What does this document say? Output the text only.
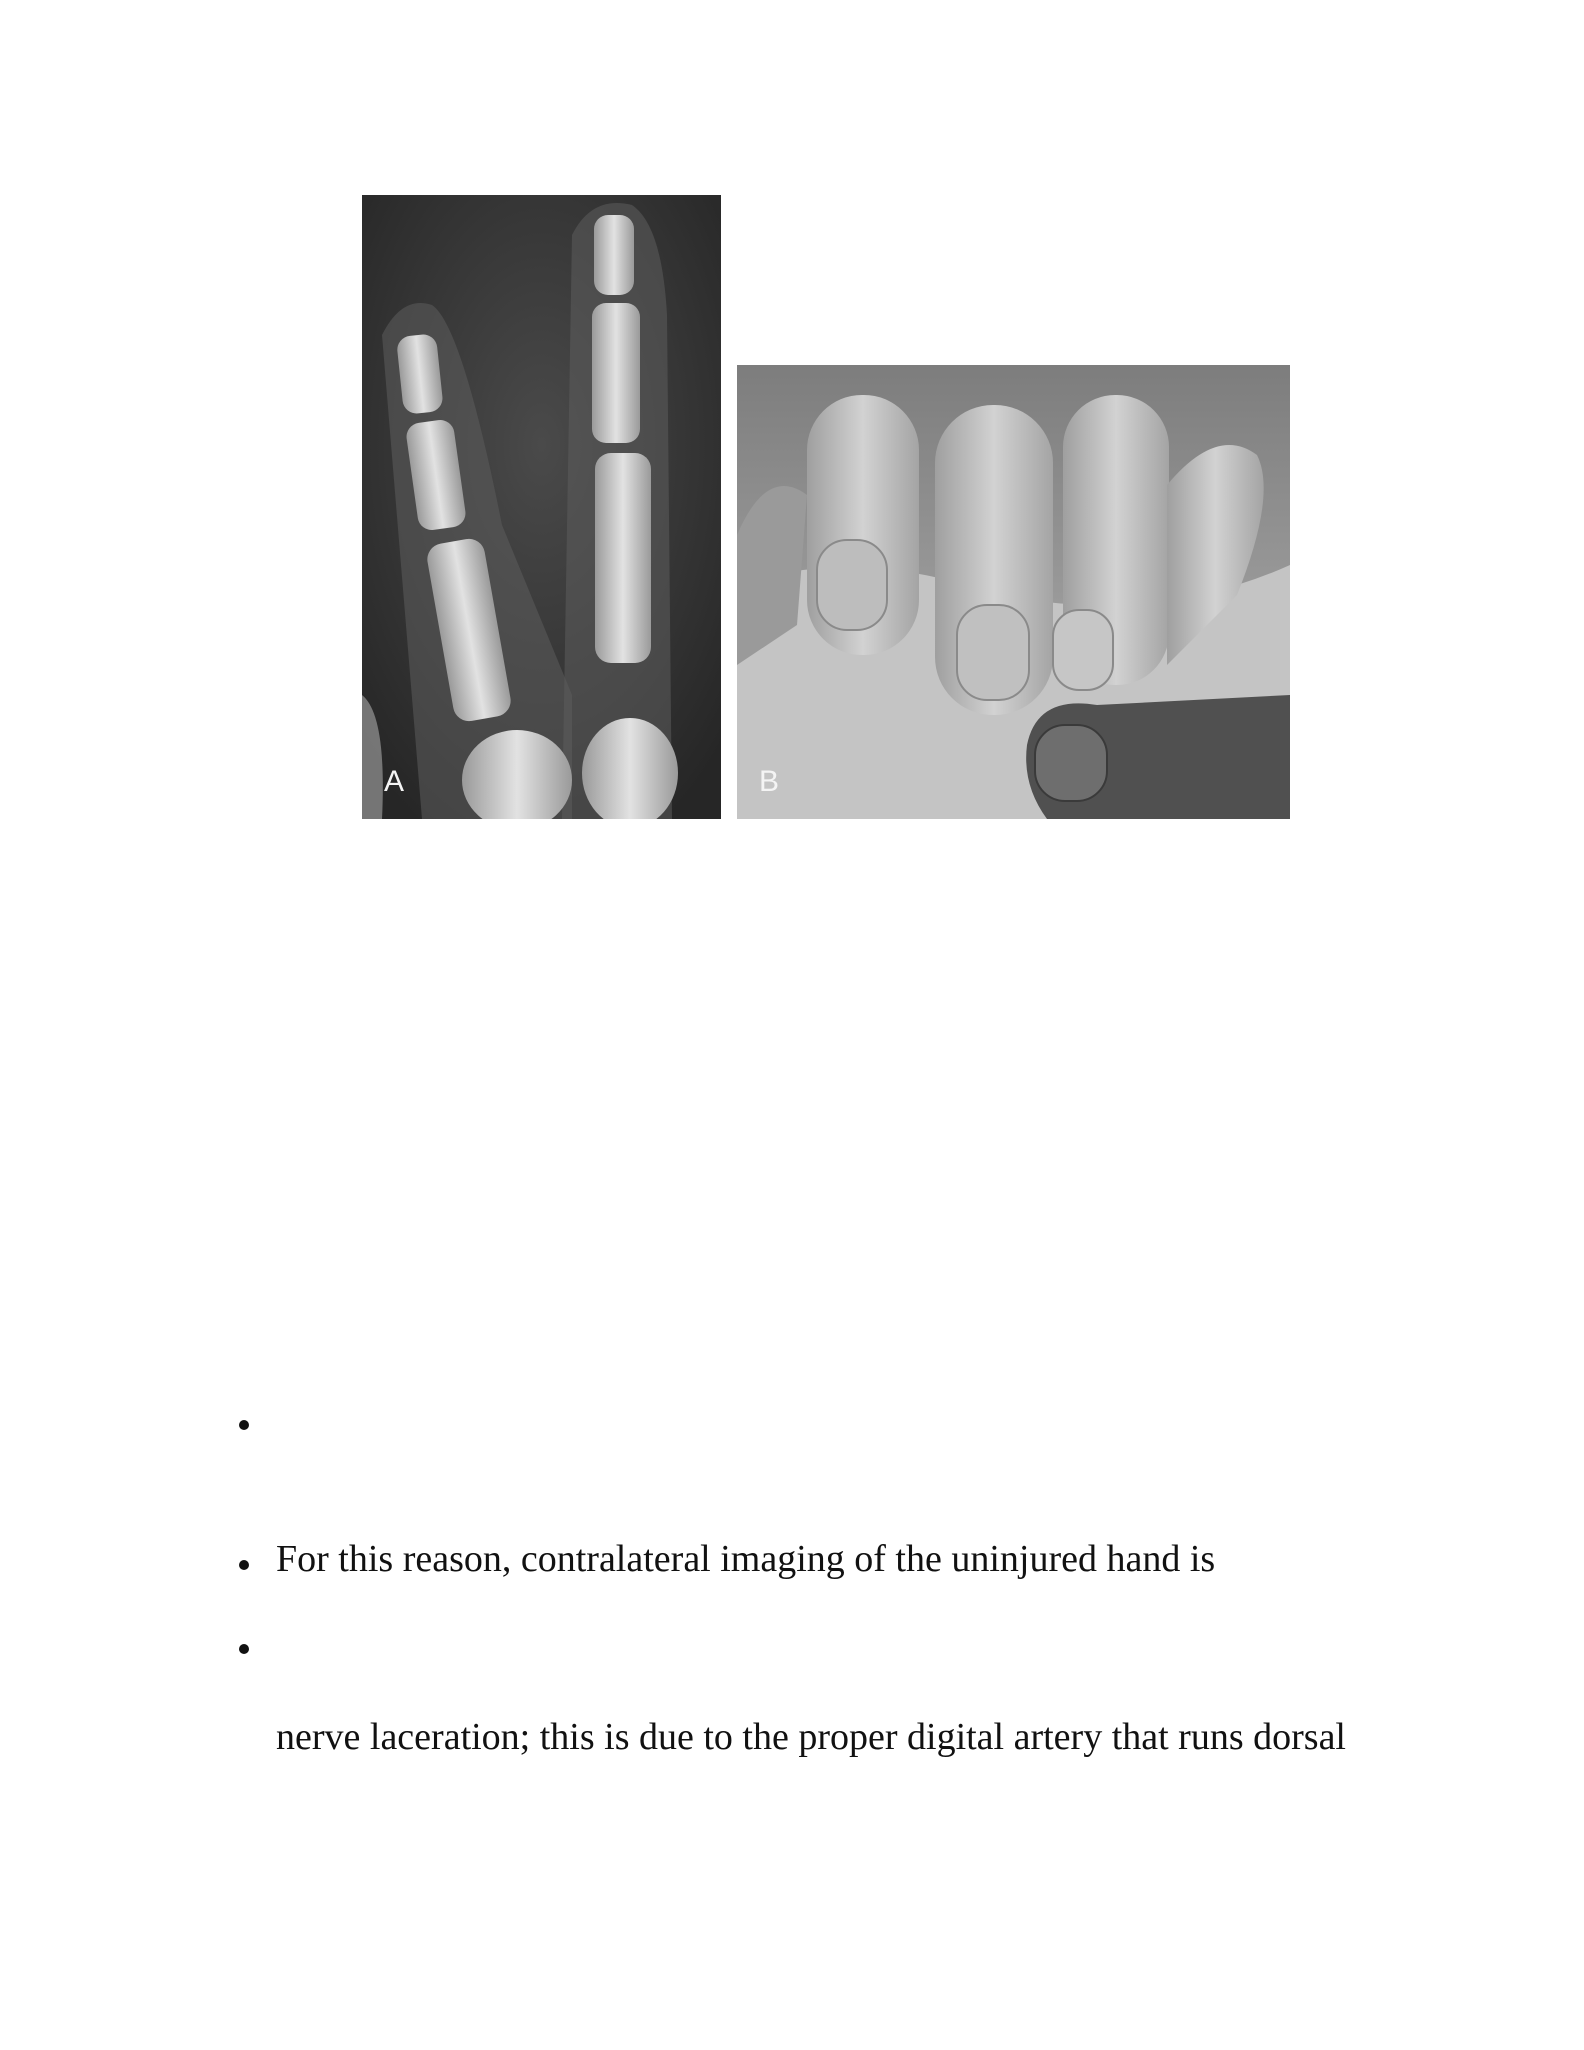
A	B
For this reason, contralateral imaging of the uninjured hand is
nerve laceration; this is due to the proper digital artery that runs dorsal
